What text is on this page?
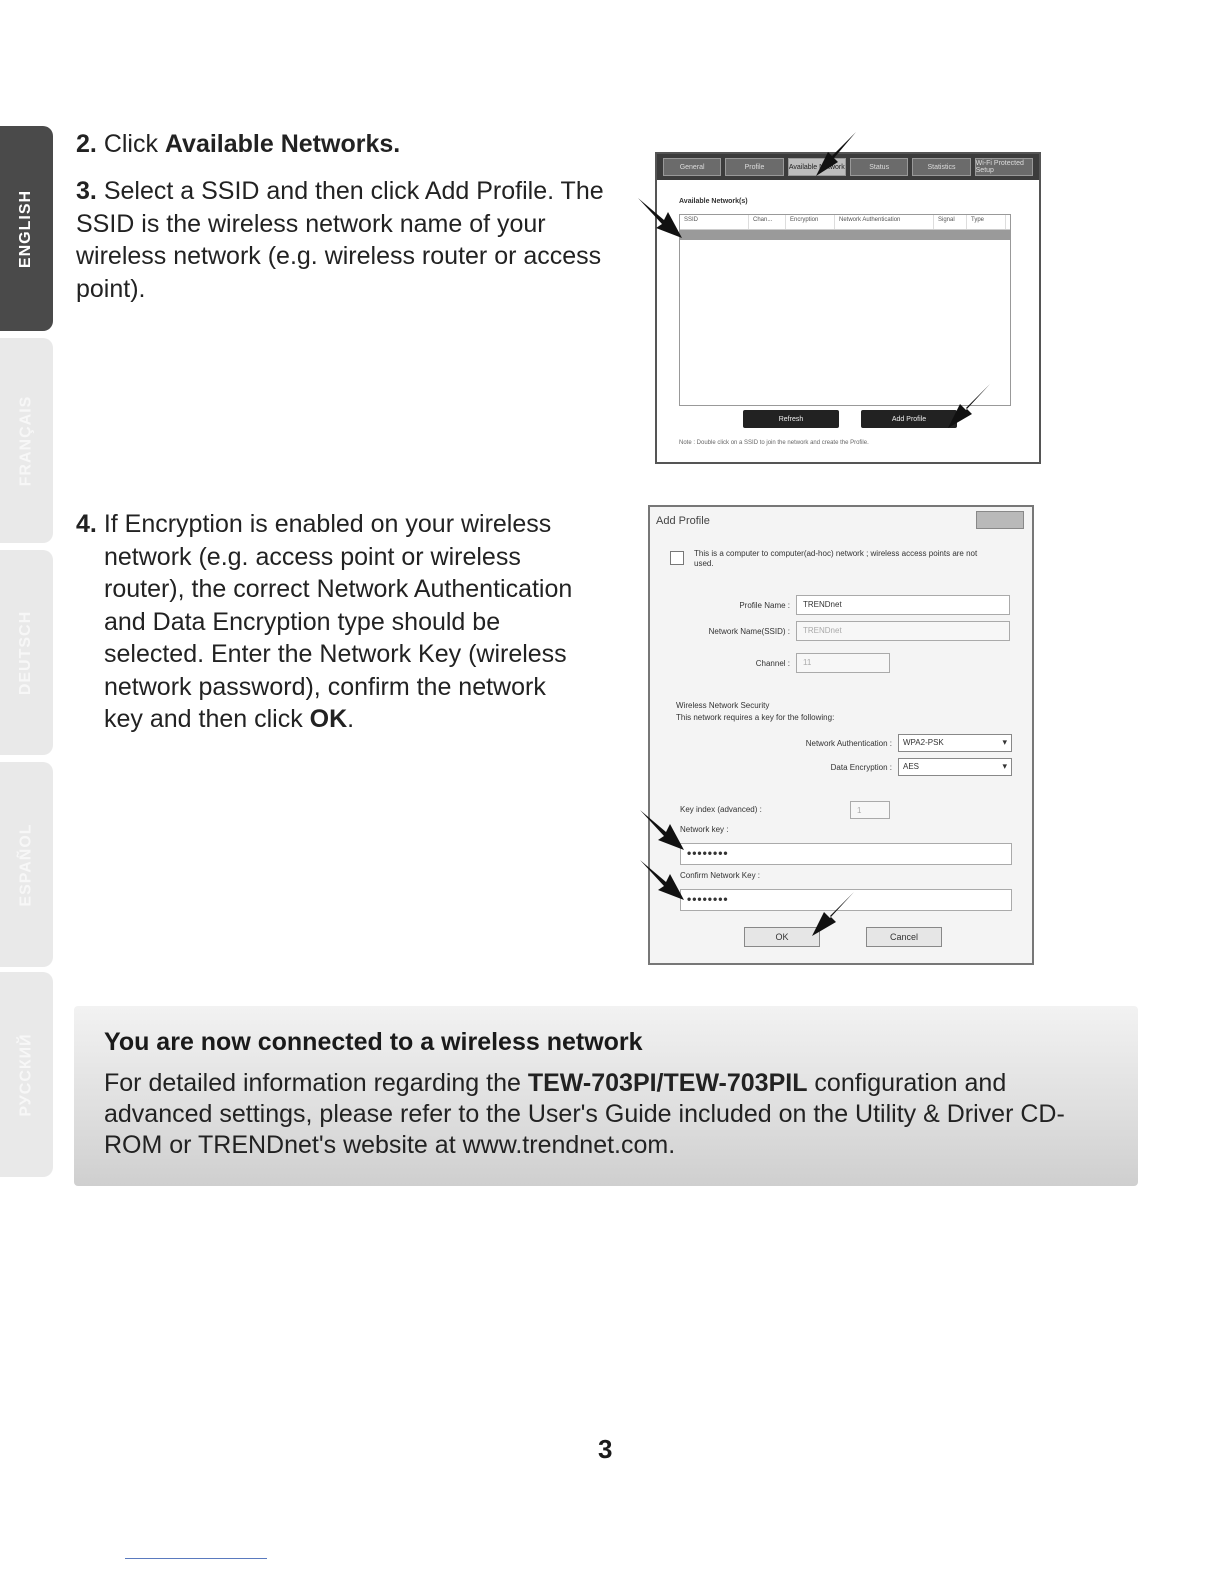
ENGLISH
FRANÇAIS
DEUTSCH
ESPAÑOL
РУССКИЙ
2. Click Available Networks.
3. Select a SSID and then click Add Profile. The SSID is the wireless network name of your wireless network (e.g. wireless router or access point).
4. If Encryption is enabled on your wireless network (e.g. access point or wireless router), the correct Network Authentication and Data Encryption type should be selected. Enter the Network Key (wireless network password), confirm the network key and then click OK.
General	Profile	Available Network	Status	Statistics	Wi-Fi Protected Setup
Available Network(s)
SSID	Chan...	Encryption	Network Authentication	Signal	Type
Refresh	Add Profile
Note : Double click on a SSID to join the network and create the Profile.
Add Profile
This is a computer to computer(ad-hoc) network ; wireless access points are not used.
Profile Name :	TRENDnet
Network Name(SSID) :	TRENDnet
Channel :	11
Wireless Network Security
This network requires a key for the following:
Network Authentication :	WPA2-PSK ▾
Data Encryption :	AES ▾
Key index (advanced) :	1
Network key :
••••••••
Confirm Network Key :
••••••••
OK	Cancel
You are now connected to a wireless network

For detailed information regarding the TEW-703PI/TEW-703PIL configuration and advanced settings, please refer to the User's Guide included on the Utility & Driver CD-ROM or TRENDnet's website at www.trendnet.com.

3
